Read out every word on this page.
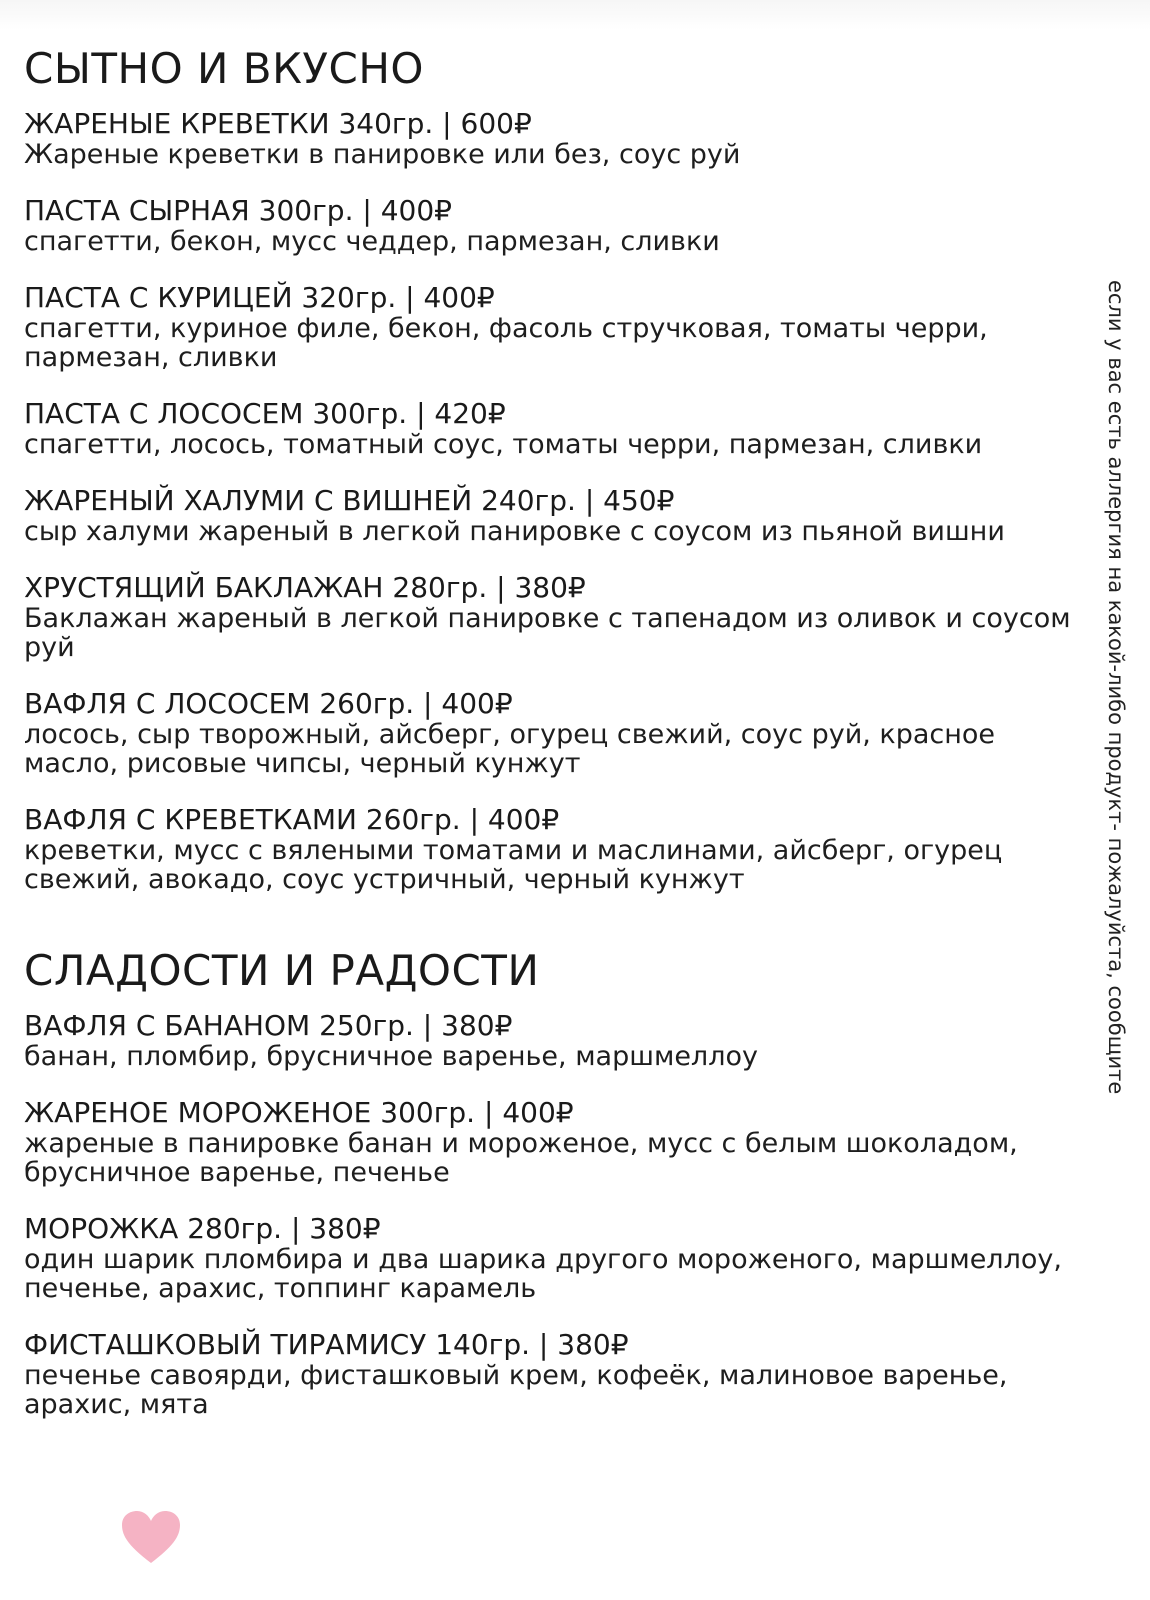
СЫТНО И ВКУСНО
ЖАРЕНЫЕ КРЕВЕТКИ 340гр. | 600₽
Жареные креветки в панировке или без, соус руй
ПАСТА СЫРНАЯ 300гр. | 400₽
спагетти, бекон, мусс чеддер, пармезан, сливки
ПАСТА С КУРИЦЕЙ 320гр. | 400₽
спагетти, куриное филе, бекон, фасоль стручковая, томаты черри, пармезан, сливки
ПАСТА С ЛОСОСЕМ 300гр. | 420₽
спагетти, лосось, томатный соус, томаты черри, пармезан, сливки
ЖАРЕНЫЙ ХАЛУМИ С ВИШНЕЙ 240гр. | 450₽
сыр халуми жареный в легкой панировке с соусом из пьяной вишни
ХРУСТЯЩИЙ БАКЛАЖАН 280гр. | 380₽
Баклажан жареный в легкой панировке с тапенадом из оливок и соусом руй
ВАФЛЯ С ЛОСОСЕМ 260гр. | 400₽
лосось, сыр творожный, айсберг, огурец свежий, соус руй, красное масло, рисовые чипсы, черный кунжут
ВАФЛЯ С КРЕВЕТКАМИ 260гр. | 400₽
креветки, мусс с вялеными томатами и маслинами, айсберг, огурец свежий, авокадо, соус устричный, черный кунжут
СЛАДОСТИ И РАДОСТИ
ВАФЛЯ С БАНАНОМ 250гр. | 380₽
банан, пломбир, брусничное варенье, маршмеллоу
ЖАРЕНОЕ МОРОЖЕНОЕ 300гр. | 400₽
жареные в панировке банан и мороженое, мусс с белым шоколадом, брусничное варенье, печенье
МОРОЖКА 280гр. | 380₽
один шарик пломбира и два шарика другого мороженого, маршмеллоу, печенье, арахис, топпинг карамель
ФИСТАШКОВЫЙ ТИРАМИСУ 140гр. | 380₽
печенье савоярди, фисташковый крем, кофеёк, малиновое варенье, арахис, мята
если у вас есть аллергия на какой-либо продукт- пожалуйста, сообщите
